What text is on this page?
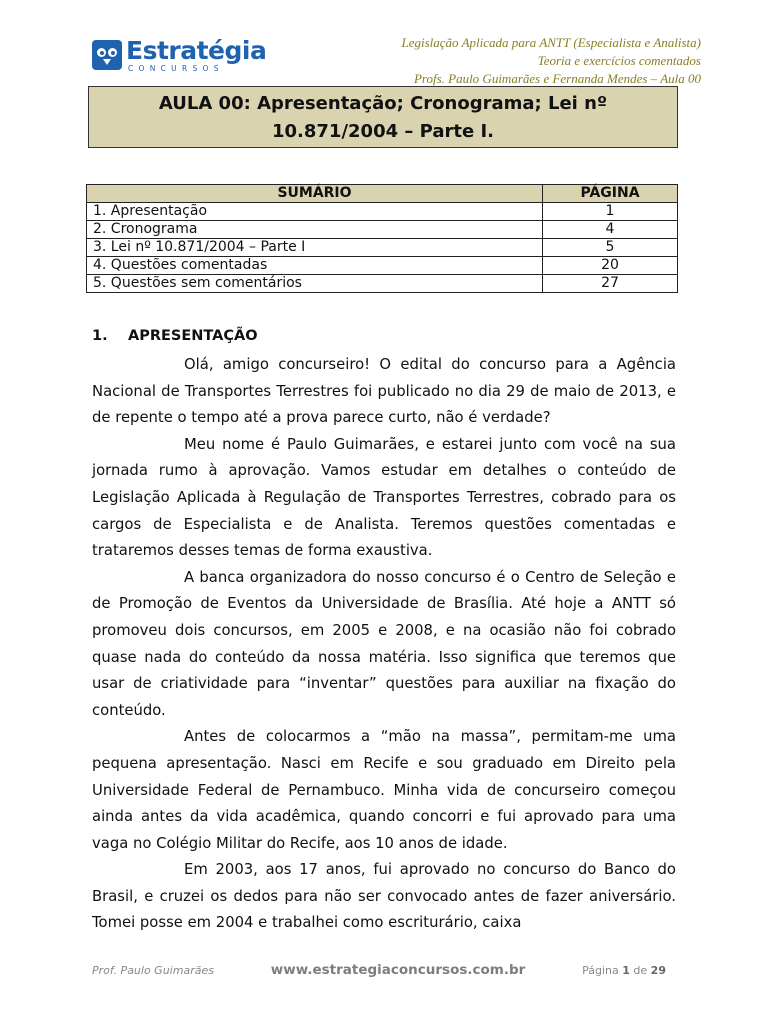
Estratégia
CONCURSOS
Legislação Aplicada para ANTT (Especialista e Analista)
Teoria e exercícios comentados
Profs. Paulo Guimarães e Fernanda Mendes – Aula 00
AULA 00: Apresentação; Cronograma; Lei nº
10.871/2004 – Parte I.
SUMÁRIO	PÁGINA
1. Apresentação	1
2. Cronograma	4
3. Lei nº 10.871/2004 – Parte I	5
4. Questões comentadas	20
5. Questões sem comentários	27
1. APRESENTAÇÃO

Olá, amigo concurseiro! O edital do concurso para a Agência Nacional de Transportes Terrestres foi publicado no dia 29 de maio de 2013, e de repente o tempo até a prova parece curto, não é verdade?

Meu nome é Paulo Guimarães, e estarei junto com você na sua jornada rumo à aprovação. Vamos estudar em detalhes o conteúdo de Legislação Aplicada à Regulação de Transportes Terrestres, cobrado para os cargos de Especialista e de Analista. Teremos questões comentadas e trataremos desses temas de forma exaustiva.

A banca organizadora do nosso concurso é o Centro de Seleção e de Promoção de Eventos da Universidade de Brasília. Até hoje a ANTT só promoveu dois concursos, em 2005 e 2008, e na ocasião não foi cobrado quase nada do conteúdo da nossa matéria. Isso significa que teremos que usar de criatividade para “inventar” questões para auxiliar na fixação do conteúdo.

Antes de colocarmos a “mão na massa”, permitam-me uma pequena apresentação. Nasci em Recife e sou graduado em Direito pela Universidade Federal de Pernambuco. Minha vida de concurseiro começou ainda antes da vida acadêmica, quando concorri e fui aprovado para uma vaga no Colégio Militar do Recife, aos 10 anos de idade.

Em 2003, aos 17 anos, fui aprovado no concurso do Banco do Brasil, e cruzei os dedos para não ser convocado antes de fazer aniversário. Tomei posse em 2004 e trabalhei como escriturário, caixa

Prof. Paulo Guimarães	www.estrategiaconcursos.com.br	Página 1 de 29
